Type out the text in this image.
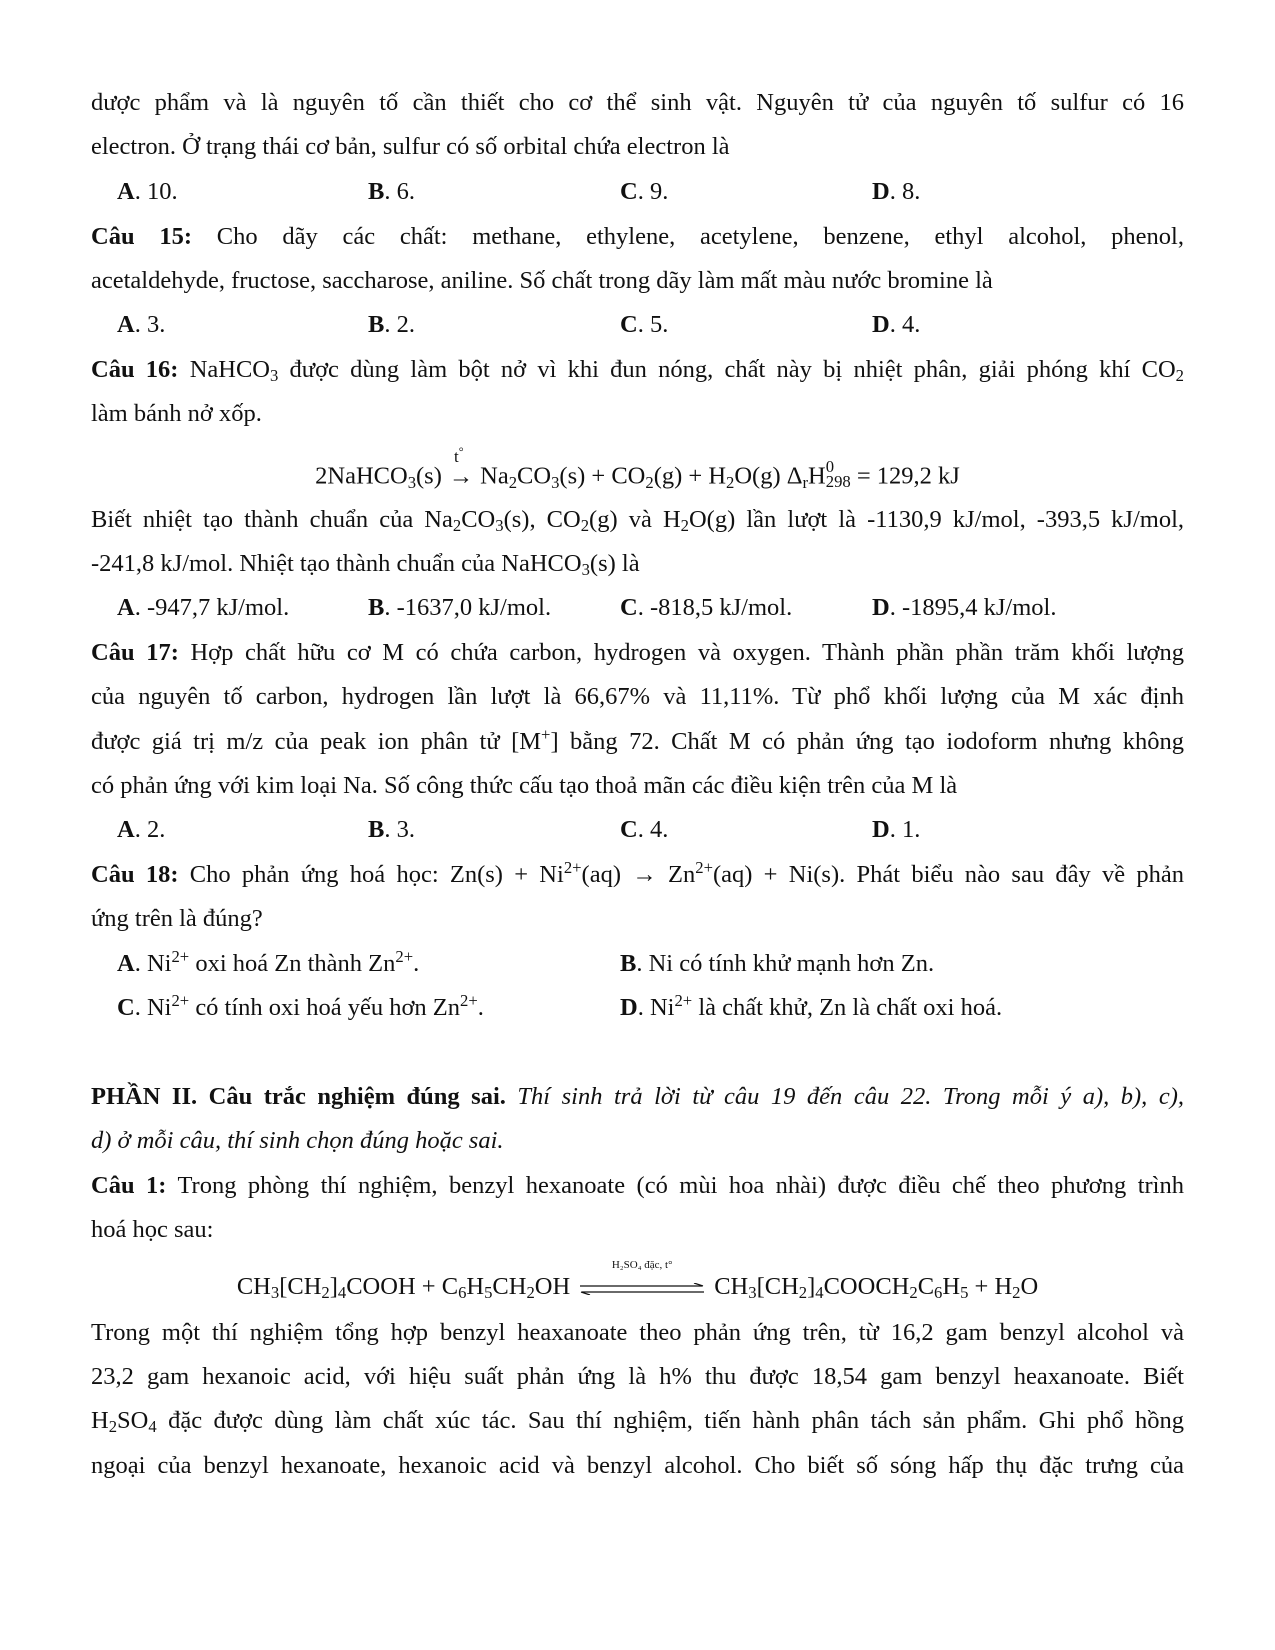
dược phẩm và là nguyên tố cần thiết cho cơ thể sinh vật. Nguyên tử của nguyên tố sulfur có 16
electron. Ở trạng thái cơ bản, sulfur có số orbital chứa electron là
A. 10.	B. 6.	C. 9.	D. 8.
Câu 15: Cho dãy các chất: methane, ethylene, acetylene, benzene, ethyl alcohol, phenol,
acetaldehyde, fructose, saccharose, aniline. Số chất trong dãy làm mất màu nước bromine là
A. 3.	B. 2.	C. 5.	D. 4.
Câu 16: NaHCO$_3$ được dùng làm bột nở vì khi đun nóng, chất này bị nhiệt phân, giải phóng khí $CO_2$
làm bánh nở xốp.
2NaHCO$_3$(s)
t°
→ $Na_2CO_3(s) + CO_2(g) + H_2O(g)$ $\Delta_rH$ 0
298 = 129,2 kJ
Biết nhiệt tạo thành chuẩn của $Na_2CO_3(s)$, $CO_2(g)$ và $H_2O(g)$ lần lượt là -1130,9 kJ/mol, -393,5 kJ/mol,
-241,8 kJ/mol. Nhiệt tạo thành chuẩn của NaHCO$_3$(s) là
A. -947,7 kJ/mol.	B. -1637,0 kJ/mol.	C. -818,5 kJ/mol.	D. -1895,4 kJ/mol.
Câu 17: Hợp chất hữu cơ M có chứa carbon, hydrogen và oxygen. Thành phần phần trăm khối lượng
của nguyên tố carbon, hydrogen lần lượt là 66,67% và 11,11%. Từ phổ khối lượng của M xác định
được giá trị m/z của peak ion phân tử [M+] bằng 72. Chất M có phản ứng tạo iodoform nhưng không
có phản ứng với kim loại Na. Số công thức cấu tạo thoả mãn các điều kiện trên của M là
A. 2.	B. 3.	C. 4.	D. 1.
Câu 18: Cho phản ứng hoá học: $Zn(s) + Ni^{2+}(aq) \to Zn^{2+}(aq) + Ni(s)$. Phát biểu nào sau đây về phản
ứng trên là đúng?
A. $Ni^{2+}$ oxi hoá Zn thành $Zn^{2+}$.	B. Ni có tính khử mạnh hơn Zn.
C. $Ni^{2+}$ có tính oxi hoá yếu hơn $Zn^{2+}$.	D. $Ni^{2+}$ là chất khử, Zn là chất oxi hoá.
PHẦN II. Câu trắc nghiệm đúng sai. Thí sinh trả lời từ câu 19 đến câu 22. Trong mỗi ý a), b), c),
d) ở mỗi câu, thí sinh chọn đúng hoặc sai.
Câu 1: Trong phòng thí nghiệm, benzyl hexanoate (có mùi hoa nhài) được điều chế theo phương trình
hoá học sau:
$CH_3[CH_2]_4COOH + C_6H_5CH_2OH$
H₂SO₄ đặc, t°
$CH_3[CH_2]_4COOCH_2C_6H_5 + H_2O$
Trong một thí nghiệm tổng hợp benzyl heaxanoate theo phản ứng trên, từ 16,2 gam benzyl alcohol và
23,2 gam hexanoic acid, với hiệu suất phản ứng là h% thu được 18,54 gam benzyl heaxanoate. Biết
$H_2SO_4$ đặc được dùng làm chất xúc tác. Sau thí nghiệm, tiến hành phân tách sản phẩm. Ghi phổ hồng
ngoại của benzyl hexanoate, hexanoic acid và benzyl alcohol. Cho biết số sóng hấp thụ đặc trưng của
